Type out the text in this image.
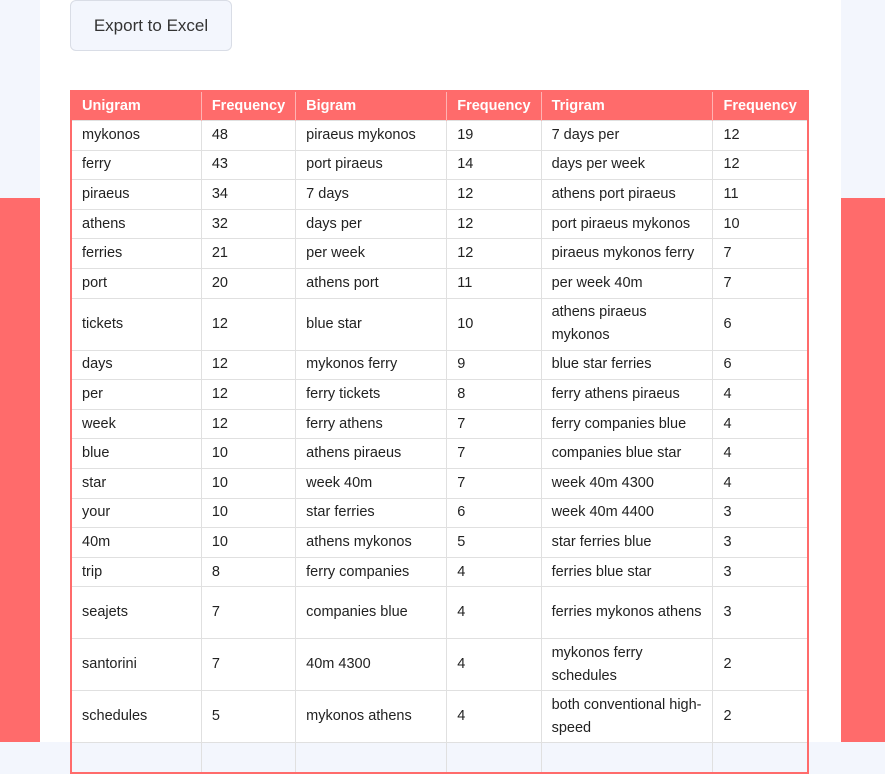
Export to Excel
Unigram	Frequency	Bigram	Frequency	Trigram	Frequency
mykonos	48	piraeus mykonos	19	7 days per	12
ferry	43	port piraeus	14	days per week	12
piraeus	34	7 days	12	athens port piraeus	11
athens	32	days per	12	port piraeus mykonos	10
ferries	21	per week	12	piraeus mykonos ferry	7
port	20	athens port	11	per week 40m	7
tickets	12	blue star	10	athens piraeus mykonos	6
days	12	mykonos ferry	9	blue star ferries	6
per	12	ferry tickets	8	ferry athens piraeus	4
week	12	ferry athens	7	ferry companies blue	4
blue	10	athens piraeus	7	companies blue star	4
star	10	week 40m	7	week 40m 4300	4
your	10	star ferries	6	week 40m 4400	3
40m	10	athens mykonos	5	star ferries blue	3
trip	8	ferry companies	4	ferries blue star	3
seajets	7	companies blue	4	ferries mykonos athens	3
santorini	7	40m 4300	4	mykonos ferry schedules	2
schedules	5	mykonos athens	4	both conventional high-speed	2
